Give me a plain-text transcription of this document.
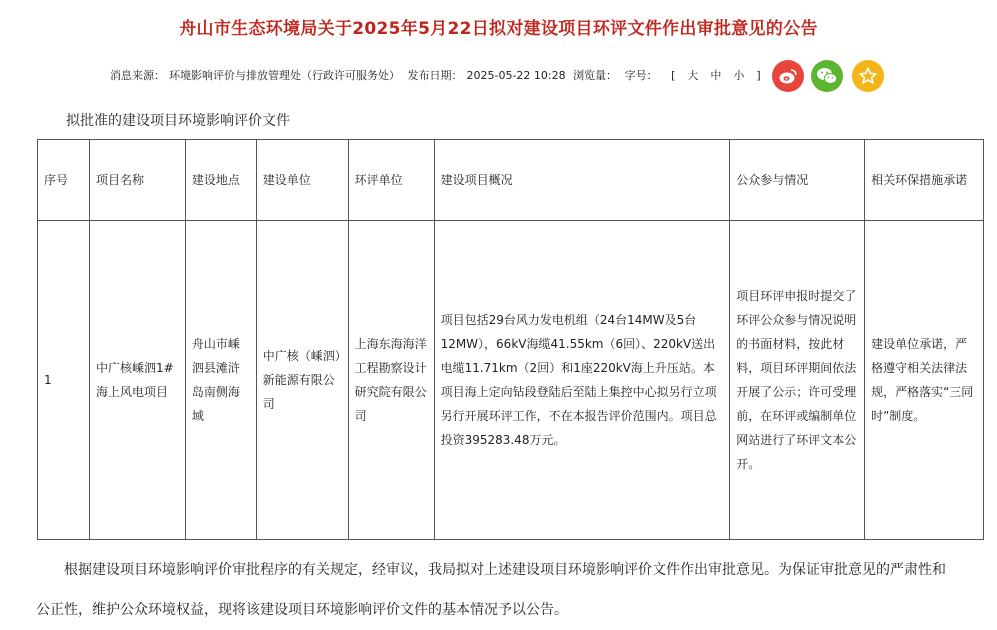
舟山市生态环境局关于2025年5月22日拟对建设项目环评文件作出审批意见的公告
消息来源： 环境影响评价与排放管理处（行政许可服务处） 发布日期： 2025-05-22 10:28 浏览量： 字号： [ 大 中 小 ]
拟批准的建设项目环境影响评价文件
序号	项目名称	建设地点	建设单位	环评单位	建设项目概况	公众参与情况	相关环保措施承诺
1	中广核嵊泗1#海上风电项目	舟山市嵊泗县滩浒岛南侧海域	中广核（嵊泗）新能源有限公司	上海东海海洋工程勘察设计研究院有限公司	项目包括29台风力发电机组（24台14MW及5台12MW），66kV海缆41.55km（6回）、220kV送出电缆11.71km（2回）和1座220kV海上升压站。本项目海上定向钻段登陆后至陆上集控中心拟另行立项另行开展环评工作，不在本报告评价范围内。项目总投资395283.48万元。	项目环评申报时提交了环评公众参与情况说明的书面材料，按此材料，项目环评期间依法开展了公示；许可受理前，在环评或编制单位网站进行了环评文本公开。	建设单位承诺，严格遵守相关法律法规，严格落实“三同时”制度。
根据建设项目环境影响评价审批程序的有关规定，经审议，我局拟对上述建设项目环境影响评价文件作出审批意见。为保证审批意见的严肃性和公正性，维护公众环境权益，现将该建设项目环境影响评价文件的基本情况予以公告。
